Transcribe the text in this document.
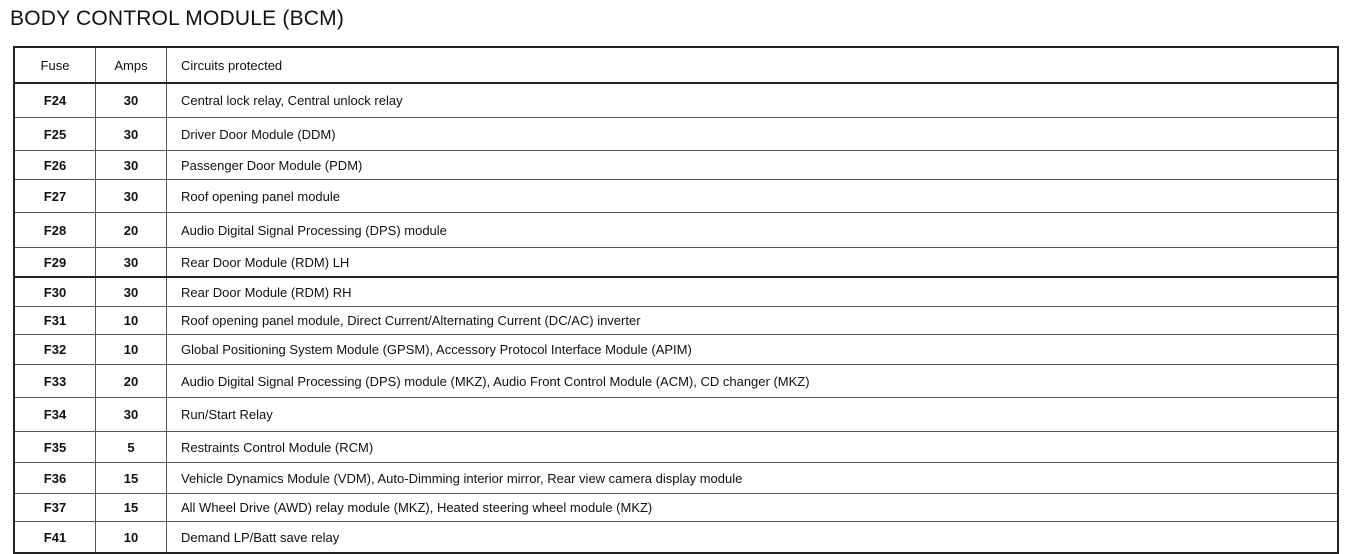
BODY CONTROL MODULE (BCM)
Fuse	Amps	Circuits protected
F24	30	Central lock relay, Central unlock relay
F25	30	Driver Door Module (DDM)
F26	30	Passenger Door Module (PDM)
F27	30	Roof opening panel module
F28	20	Audio Digital Signal Processing (DPS) module
F29	30	Rear Door Module (RDM) LH
F30	30	Rear Door Module (RDM) RH
F31	10	Roof opening panel module, Direct Current/Alternating Current (DC/AC) inverter
F32	10	Global Positioning System Module (GPSM), Accessory Protocol Interface Module (APIM)
F33	20	Audio Digital Signal Processing (DPS) module (MKZ), Audio Front Control Module (ACM), CD changer (MKZ)
F34	30	Run/Start Relay
F35	5	Restraints Control Module (RCM)
F36	15	Vehicle Dynamics Module (VDM), Auto-Dimming interior mirror, Rear view camera display module
F37	15	All Wheel Drive (AWD) relay module (MKZ), Heated steering wheel module (MKZ)
F41	10	Demand LP/Batt save relay
